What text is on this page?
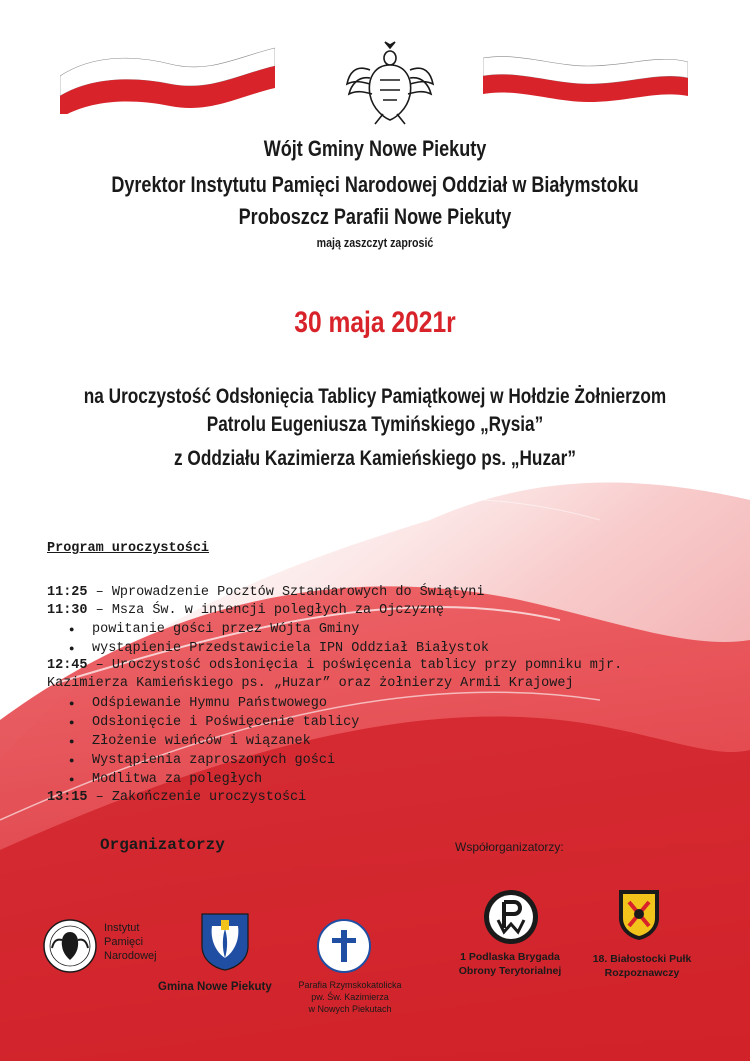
Wójt Gminy Nowe Piekuty
Dyrektor Instytutu Pamięci Narodowej Oddział w Białymstoku
Proboszcz Parafii Nowe Piekuty
mają zaszczyt zaprosić
30 maja 2021r
na Uroczystość Odsłonięcia Tablicy Pamiątkowej w Hołdzie Żołnierzom
Patrolu Eugeniusza Tymińskiego „Rysia”
z Oddziału Kazimierza Kamieńskiego ps. „Huzar”
Program uroczystości
11:25 – Wprowadzenie Pocztów Sztandarowych do Świątyni
11:30 – Msza Św. w intencji poległych za Ojczyznę
● powitanie gości przez Wójta Gminy
● wystąpienie Przedstawiciela IPN Oddział Białystok
12:45 – Uroczystość odsłonięcia i poświęcenia tablicy przy pomniku mjr.
Kazimierza Kamieńskiego ps. „Huzar” oraz żołnierzy Armii Krajowej
● Odśpiewanie Hymnu Państwowego
● Odsłonięcie i Poświęcenie tablicy
● Złożenie wieńców i wiązanek
● Wystąpienia zaproszonych gości
● Modlitwa za poległych
13:15 – Zakończenie uroczystości
Organizatorzy	Współorganizatorzy:
Instytut
Pamięci
Narodowej
Gmina Nowe Piekuty	Parafia Rzymskokatolicka
pw. Św. Kazimierza
w Nowych Piekutach
1 Podlaska Brygada
Obrony Terytorialnej
18. Białostocki Pułk
Rozpoznawczy
